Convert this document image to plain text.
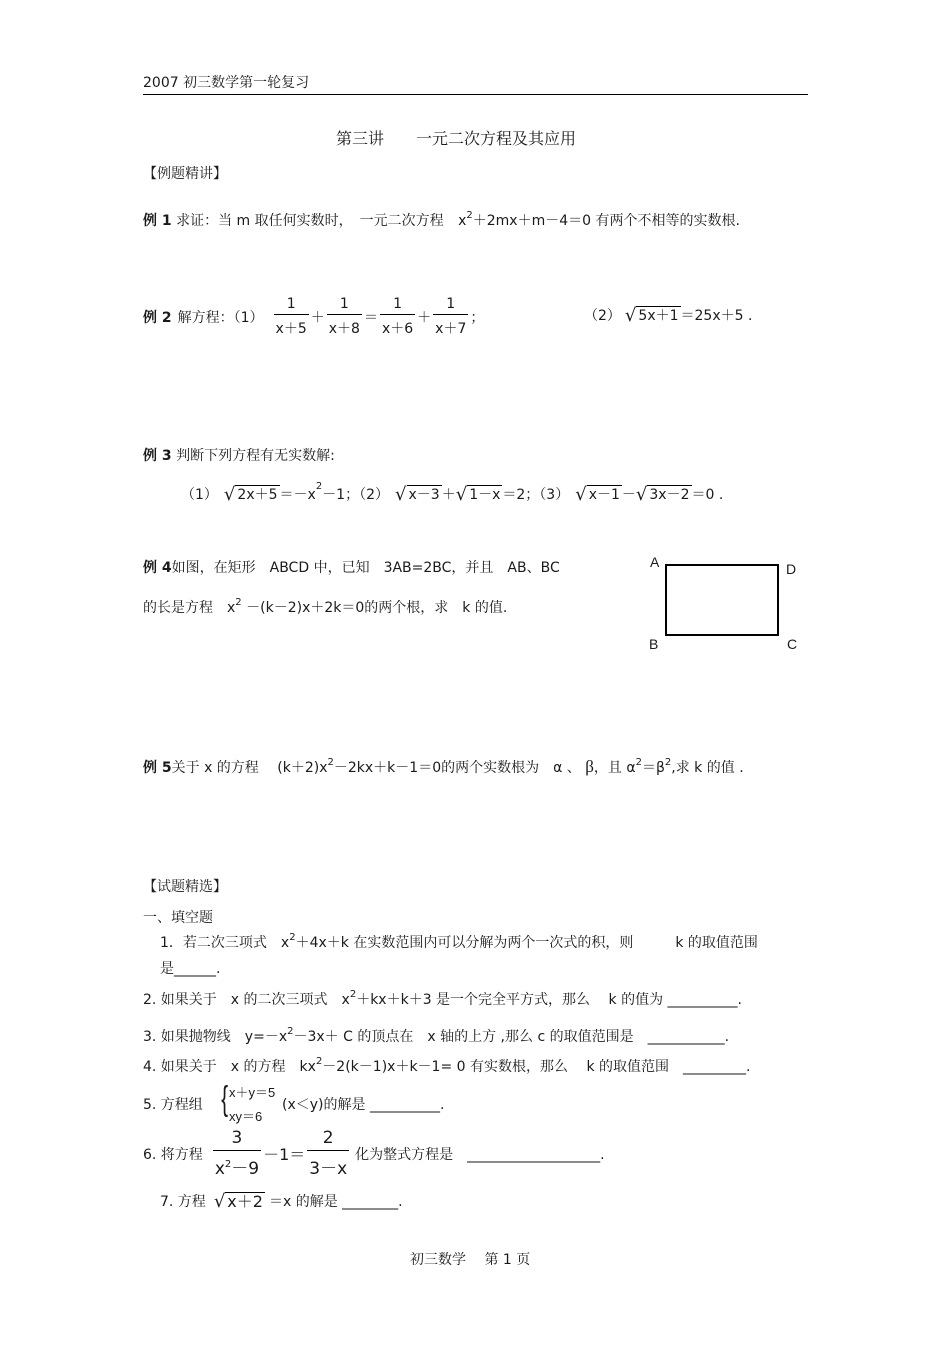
2007 初三数学第一轮复习
第三讲　　一元二次方程及其应用
【例题精讲】
例 1 求证：当 m 取任何实数时，　一元二次方程 $x^2+2mx+m-4=0$ 有两个不相等的实数根.
例 2 解方程：$(1) \frac{1}{x+5} + \frac{1}{x+8} = \frac{1}{x+6} + \frac{1}{x+7}$ ；	（2） √ 5x＋1 ＝25x＋5 .
例 3 判断下列方程有无实数解:
（1） √ 2x＋5 ＝－x 2 －1；（2） √ x－3 ＋ √ 1－x ＝2；（3） √ x－1 － √ 3x－2 ＝0 .
例 4如图，在矩形　ABCD 中，已知　3AB=2BC，并且　AB、BC
的长是方程　$x^2 -(k-2)x+2k=0$的两个根，求　k 的值.
A	D
B	C
例 5关于 x 的方程 $(k+2)x^2-2kx+k-1=0$的两个实数根为　α 、 β，且 $\alpha^2=\beta^2$,求 k 的值 .
【试题精选】
一、填空题
1．若二次三项式　$x^2+4x+k$ 在实数范围内可以分解为两个一次式的积，则　　　k 的取值范围
是______.
2. 如果关于　x 的二次三项式　$x^2+kx+k+3$ 是一个完全平方式，那么　 k 的值为 __________.
3. 如果抛物线　$y=-x^2-3x+ C$ 的顶点在　x 轴的上方 ,那么 c 的取值范围是　___________.
4. 如果关于　x 的方程　$kx^2-2(k-1)x+k-1= 0$ 有实数根，那么　 k 的取值范围　_________.
5. 方程组 { x＋y＝5
xy＝6
(x＜y)的解是 __________.
6. 将方程 $\frac{3}{x^2-9} -1= \frac{2}{3-x}$ 化为整式方程是　___________________.
7. 方程 √ x＋2 ＝x 的解是 ________.
初三数学　 第 1 页
